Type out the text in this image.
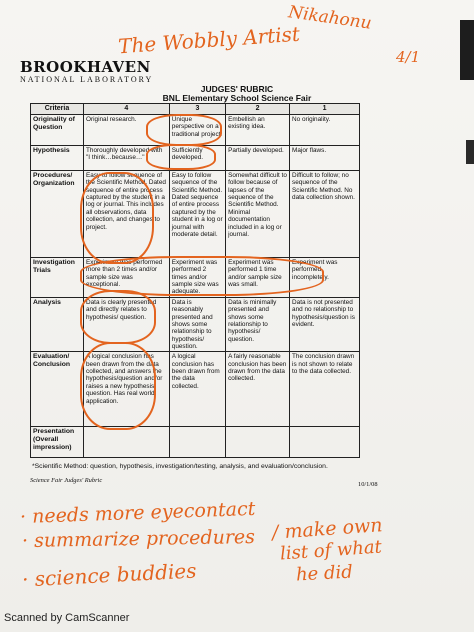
BROOKHAVEN
NATIONAL LABORATORY
The Wobbly Artist
Nikahonu
4/1
JUDGES' RUBRIC
BNL Elementary School Science Fair
Criteria	4	3	2	1
Originality of Question	Original research.	Unique perspective on a traditional project.	Embellish an existing idea.	No originality.
Hypothesis	Thoroughly developed with "I think…because…"	Sufficiently developed.	Partially developed.	Major flaws.
Procedures/ Organization	Easy to follow sequence of the Scientific Method. Dated sequence of entire process captured by the student in a log or journal. This includes all observations, data collection, and changes to project.	Easy to follow sequence of the Scientific Method. Dated sequence of entire process captured by the student in a log or journal with moderate detail.	Somewhat difficult to follow because of lapses of the sequence of the Scientific Method. Minimal documentation included in a log or journal.	Difficult to follow; no sequence of the Scientific Method. No data collection shown.
Investigation Trials	Experiment was performed more than 2 times and/or sample size was exceptional.	Experiment was performed 2 times and/or sample size was adequate.	Experiment was performed 1 time and/or sample size was small.	Experiment was performed incompletely.
Analysis	Data is clearly presented and directly relates to hypothesis/ question.	Data is reasonably presented and shows some relationship to hypothesis/ question.	Data is minimally presented and shows some relationship to hypothesis/ question.	Data is not presented and no relationship to hypothesis/question is evident.
Evaluation/ Conclusion	A logical conclusion has been drawn from the data collected, and answers the hypothesis/question and/or raises a new hypothesis/ question. Has real world application.	A logical conclusion has been drawn from the data collected.	A fairly reasonable conclusion has been drawn from the data collected.	The conclusion drawn is not shown to relate to the data collected.
Presentation (Overall impression)				
*Scientific Method: question, hypothesis, investigation/testing, analysis, and evaluation/conclusion.
Science Fair Judges' Rubric
10/1/08
· needs more eyecontact
· summarize procedures / make own
list of what
he did
· science buddies
Scanned by CamScanner
